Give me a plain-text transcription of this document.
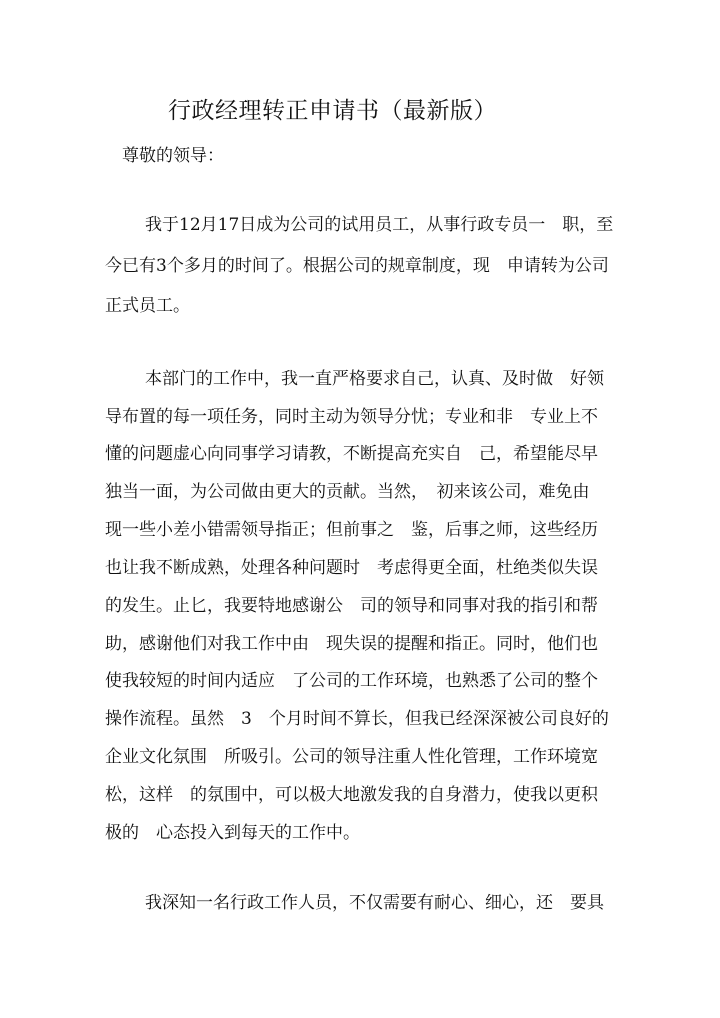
行政经理转正申请书（最新版）
尊敬的领导：
我于12月17日成为公司的试用员工，从事行政专员一　职，至
今已有3个多月的时间了。根据公司的规章制度，现　申请转为公司
正式员工。
本部门的工作中，我一直严格要求自己，认真、及时做　好领
导布置的每一项任务，同时主动为领导分忧；专业和非　专业上不
懂的问题虚心向同事学习请教，不断提高充实自　己，希望能尽早
独当一面，为公司做由更大的贡献。当然，　初来该公司，难免由
现一些小差小错需领导指正；但前事之　鉴，后事之师，这些经历
也让我不断成熟，处理各种问题时　考虑得更全面，杜绝类似失误
的发生。止匕，我要特地感谢公　司的领导和同事对我的指引和帮
助，感谢他们对我工作中由　现失误的提醒和指正。同时，他们也
使我较短的时间内适应　了公司的工作环境，也熟悉了公司的整个
操作流程。虽然　3　个月时间不算长，但我已经深深被公司良好的
企业文化氛围　所吸引。公司的领导注重人性化管理，工作环境宽
松，这样　的氛围中，可以极大地激发我的自身潜力，使我以更积
极的　心态投入到每天的工作中。
我深知一名行政工作人员，不仅需要有耐心、细心，还　要具
